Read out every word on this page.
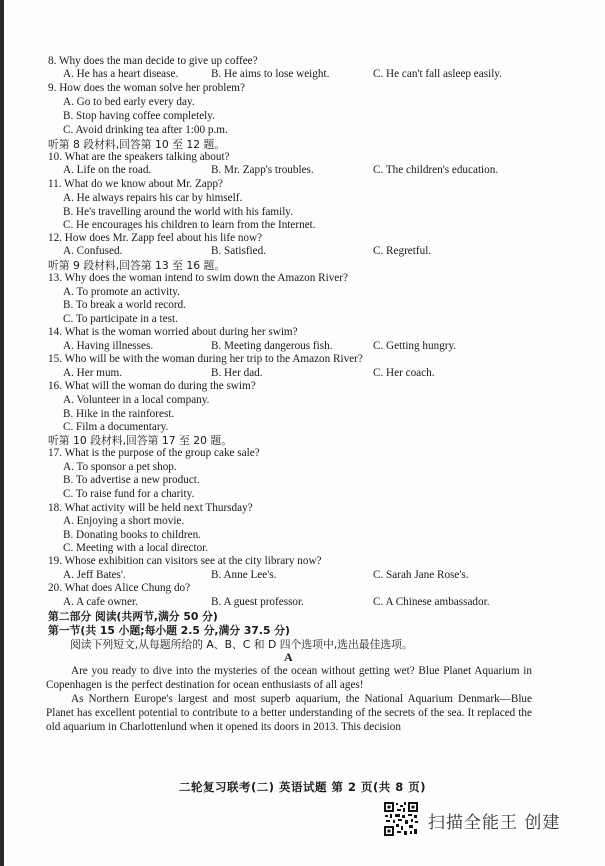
8. Why does the man decide to give up coffee?
A. He has a heart disease.	B. He aims to lose weight.	C. He can't fall asleep easily.
9. How does the woman solve her problem?
A. Go to bed early every day.
B. Stop having coffee completely.
C. Avoid drinking tea after 1:00 p.m.
听第 8 段材料,回答第 10 至 12 题。
10. What are the speakers talking about?
A. Life on the road.	B. Mr. Zapp's troubles.	C. The children's education.
11. What do we know about Mr. Zapp?
A. He always repairs his car by himself.
B. He's travelling around the world with his family.
C. He encourages his children to learn from the Internet.
12. How does Mr. Zapp feel about his life now?
A. Confused.	B. Satisfied.	C. Regretful.
听第 9 段材料,回答第 13 至 16 题。
13. Why does the woman intend to swim down the Amazon River?
A. To promote an activity.
B. To break a world record.
C. To participate in a test.
14. What is the woman worried about during her swim?
A. Having illnesses.	B. Meeting dangerous fish.	C. Getting hungry.
15. Who will be with the woman during her trip to the Amazon River?
A. Her mum.	B. Her dad.	C. Her coach.
16. What will the woman do during the swim?
A. Volunteer in a local company.
B. Hike in the rainforest.
C. Film a documentary.
听第 10 段材料,回答第 17 至 20 题。
17. What is the purpose of the group cake sale?
A. To sponsor a pet shop.
B. To advertise a new product.
C. To raise fund for a charity.
18. What activity will be held next Thursday?
A. Enjoying a short movie.
B. Donating books to children.
C. Meeting with a local director.
19. Whose exhibition can visitors see at the city library now?
A. Jeff Bates'.	B. Anne Lee's.	C. Sarah Jane Rose's.
20. What does Alice Chung do?
A. A cafe owner.	B. A guest professor.	C. A Chinese ambassador.
第二部分 阅读(共两节,满分 50 分)
第一节(共 15 小题;每小题 2.5 分,满分 37.5 分)
阅读下列短文,从每题所给的 A、B、C 和 D 四个选项中,选出最佳选项。
A
Are you ready to dive into the mysteries of the ocean without getting wet? Blue Planet Aquarium in Copenhagen is the perfect destination for ocean enthusiasts of all ages!
As Northern Europe's largest and most superb aquarium, the National Aquarium Denmark—Blue Planet has excellent potential to contribute to a better understanding of the secrets of the sea. It replaced the old aquarium in Charlottenlund when it opened its doors in 2013. This decision
二轮复习联考(二) 英语试题 第 2 页(共 8 页)
扫描全能王 创建
